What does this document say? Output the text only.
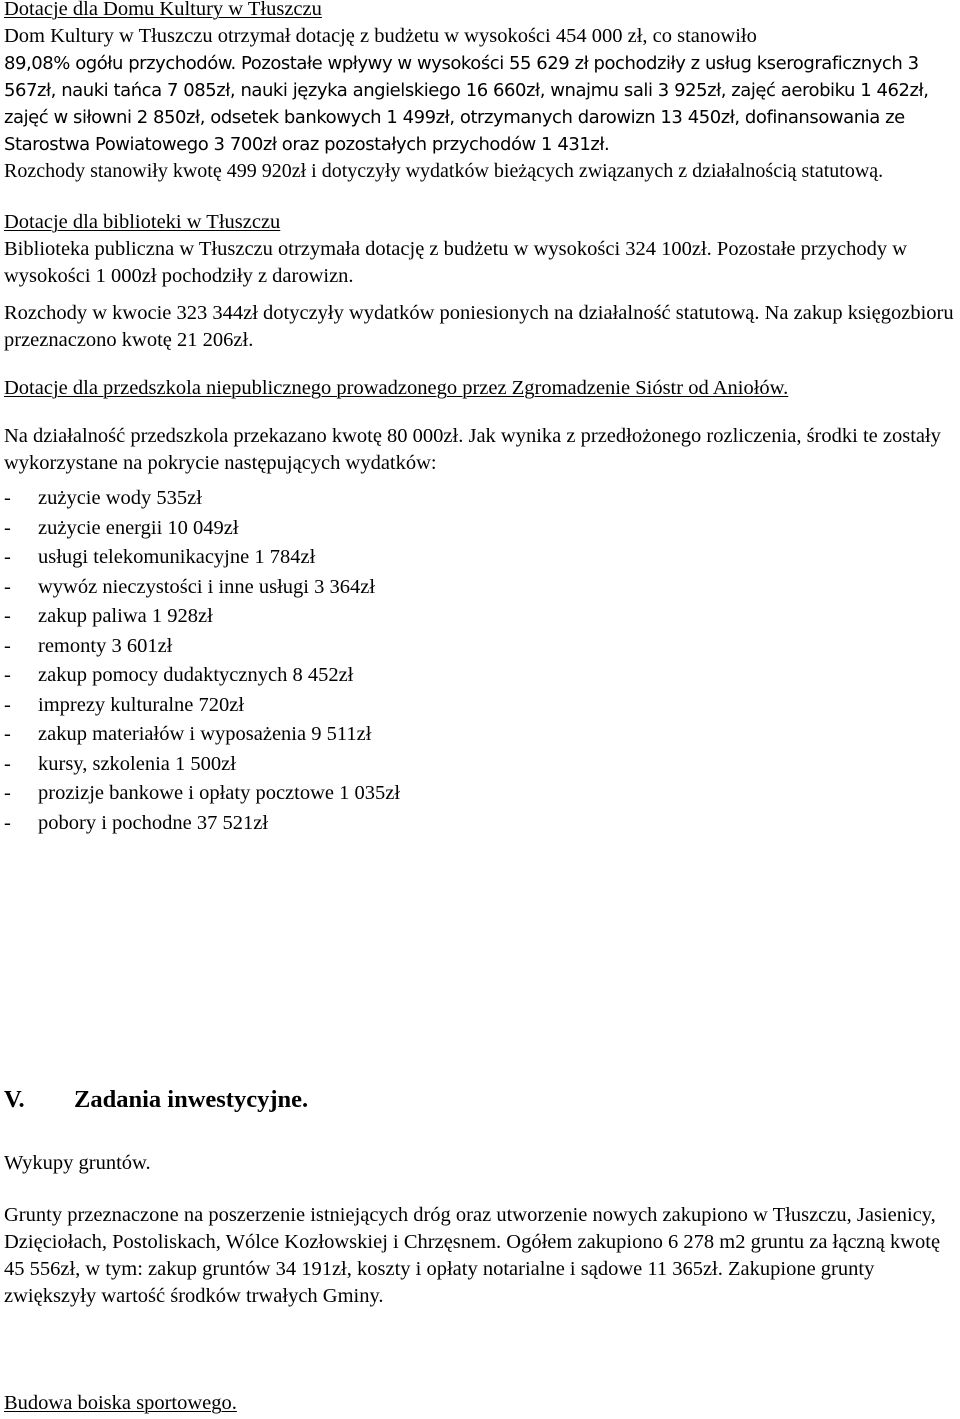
Dotacje dla Domu Kultury w Tłuszczu

Dom Kultury w Tłuszczu otrzymał dotację z budżetu w wysokości 454 000 zł, co stanowiło

89,08% ogółu przychodów. Pozostałe wpływy w wysokości 55 629 zł pochodziły z usług kserograficznych 3 567zł, nauki tańca 7 085zł, nauki języka angielskiego 16 660zł, wnajmu sali 3 925zł, zajęć aerobiku 1 462zł, zajęć w siłowni 2 850zł, odsetek bankowych 1 499zł, otrzymanych darowizn 13 450zł, dofinansowania ze Starostwa Powiatowego 3 700zł oraz pozostałych przychodów 1 431zł.

Rozchody stanowiły kwotę 499 920zł i dotyczyły wydatków bieżących związanych z działalnością statutową.

Dotacje dla biblioteki w Tłuszczu

Biblioteka publiczna w Tłuszczu otrzymała dotację z budżetu w wysokości 324 100zł. Pozostałe przychody w wysokości 1 000zł pochodziły z darowizn.

Rozchody w kwocie 323 344zł dotyczyły wydatków poniesionych na działalność statutową. Na zakup księgozbioru przeznaczono kwotę 21 206zł.

Dotacje dla przedszkola niepublicznego prowadzonego przez Zgromadzenie Sióstr od Aniołów.

Na działalność przedszkola przekazano kwotę 80 000zł. Jak wynika z przedłożonego rozliczenia, środki te zostały wykorzystane na pokrycie następujących wydatków:

-	zużycie wody 535zł
-	zużycie energii 10 049zł
-	usługi telekomunikacyjne 1 784zł
-	wywóz nieczystości i inne usługi 3 364zł
-	zakup paliwa 1 928zł
-	remonty 3 601zł
-	zakup pomocy dudaktycznych 8 452zł
-	imprezy kulturalne 720zł
-	zakup materiałów i wyposażenia 9 511zł
-	kursy, szkolenia 1 500zł
-	prozizje bankowe i opłaty pocztowe 1 035zł
-	pobory i pochodne 37 521zł
V. Zadania inwestycyjne.

Wykupy gruntów.

Grunty przeznaczone na poszerzenie istniejących dróg oraz utworzenie nowych zakupiono w Tłuszczu, Jasienicy, Dzięciołach, Postoliskach, Wólce Kozłowskiej i Chrzęsnem. Ogółem zakupiono 6 278 m2 gruntu za łączną kwotę 45 556zł, w tym: zakup gruntów 34 191zł, koszty i opłaty notarialne i sądowe 11 365zł. Zakupione grunty zwiększyły wartość środków trwałych Gminy.

Budowa boiska sportowego.
